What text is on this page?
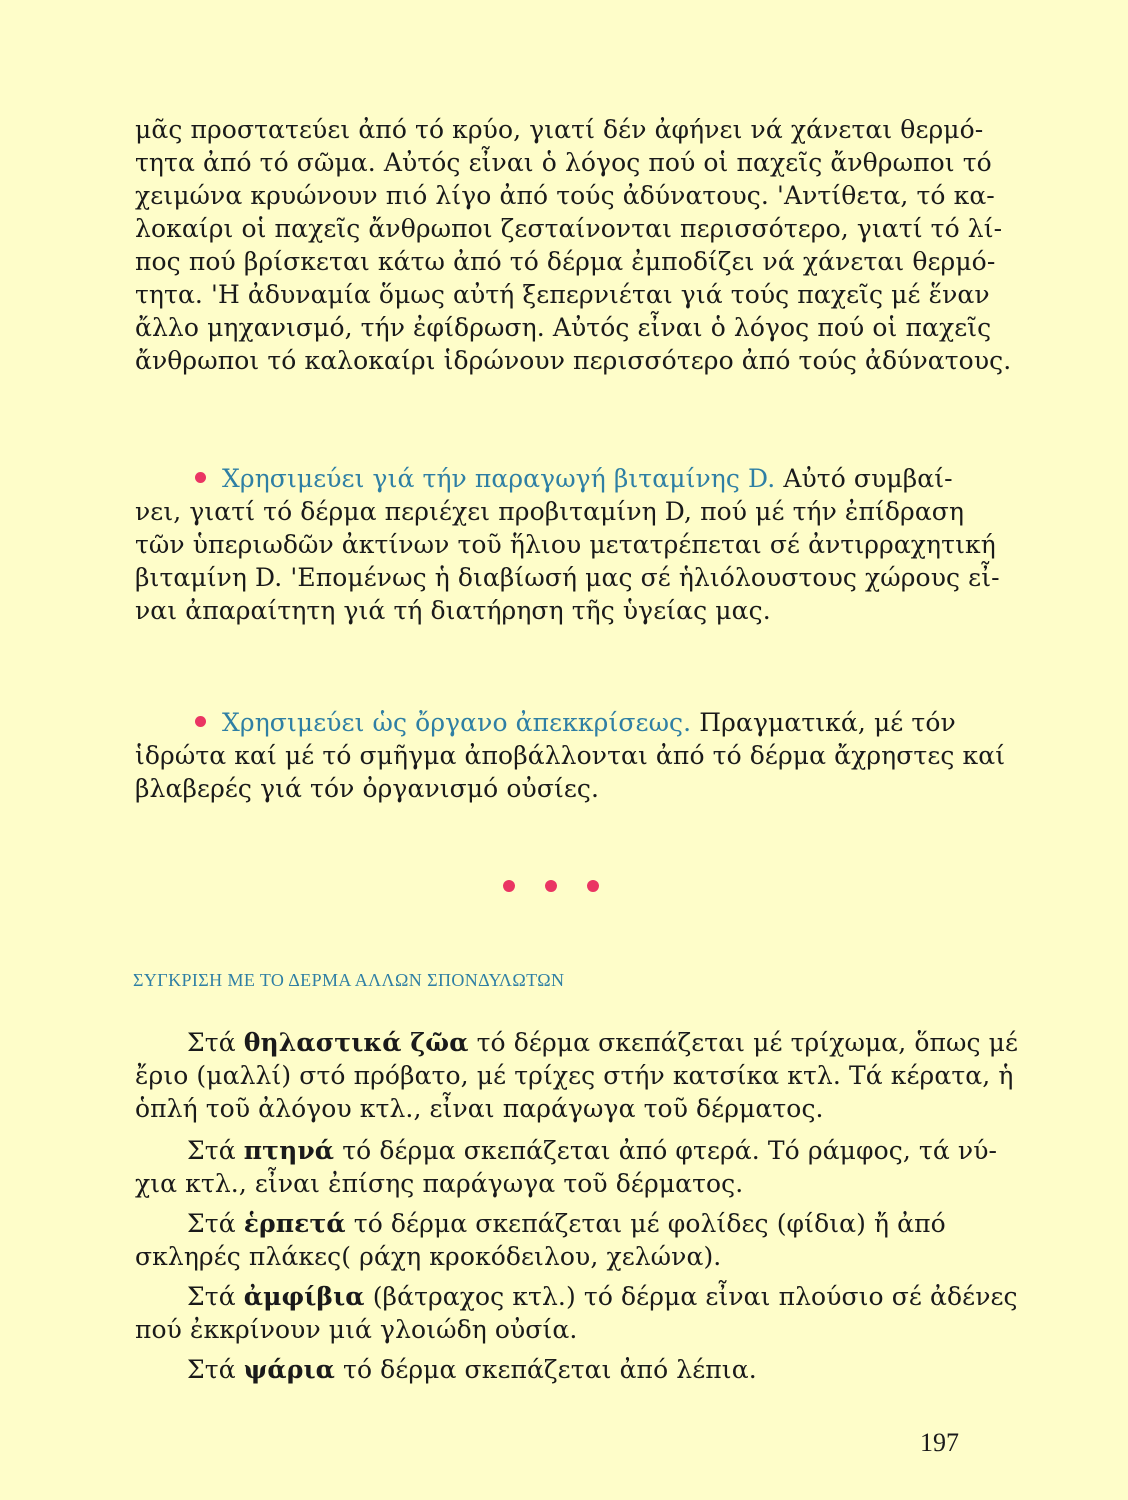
μᾶς προστατεύει ἀπό τό κρύο, γιατί δέν ἀφήνει νά χάνεται θερμό-
τητα ἀπό τό σῶμα. Αὐτός εἶναι ὁ λόγος πού οἱ παχεῖς ἄνθρωποι τό
χειμώνα κρυώνουν πιό λίγο ἀπό τούς ἀδύνατους. 'Αντίθετα, τό κα-
λοκαίρι οἱ παχεῖς ἄνθρωποι ζεσταίνονται περισσότερο, γιατί τό λί-
πος πού βρίσκεται κάτω ἀπό τό δέρμα ἐμποδίζει νά χάνεται θερμό-
τητα. 'Η ἀδυναμία ὅμως αὐτή ξεπερνιέται γιά τούς παχεῖς μέ ἕναν
ἄλλο μηχανισμό, τήν ἐφίδρωση. Αὐτός εἶναι ὁ λόγος πού οἱ παχεῖς
ἄνθρωποι τό καλοκαίρι ἱδρώνουν περισσότερο ἀπό τούς ἀδύνατους.
Χρησιμεύει γιά τήν παραγωγή βιταμίνης D. Αὐτό συμβαί-
νει, γιατί τό δέρμα περιέχει προβιταμίνη D, πού μέ τήν ἐπίδραση
τῶν ὑπεριωδῶν ἀκτίνων τοῦ ἥλιου μετατρέπεται σέ ἀντιρραχητική
βιταμίνη D. 'Επομένως ἡ διαβίωσή μας σέ ἡλιόλουστους χώρους εἶ-
ναι ἀπαραίτητη γιά τή διατήρηση τῆς ὑγείας μας.
Χρησιμεύει ὡς ὄργανο ἀπεκκρίσεως. Πραγματικά, μέ τόν
ἱδρώτα καί μέ τό σμῆγμα ἀποβάλλονται ἀπό τό δέρμα ἄχρηστες καί
βλαβερές γιά τόν ὀργανισμό οὐσίες.
ΣΥΓΚΡΙΣΗ ΜΕ ΤΟ ΔΕΡΜΑ ΑΛΛΩΝ ΣΠΟΝΔΥΛΩΤΩΝ
Στά θηλαστικά ζῶα τό δέρμα σκεπάζεται μέ τρίχωμα, ὅπως μέ
ἔριο (μαλλί) στό πρόβατο, μέ τρίχες στήν κατσίκα κτλ. Τά κέρατα, ἡ
ὁπλή τοῦ ἀλόγου κτλ., εἶναι παράγωγα τοῦ δέρματος.
Στά πτηνά τό δέρμα σκεπάζεται ἀπό φτερά. Τό ράμφος, τά νύ-
χια κτλ., εἶναι ἐπίσης παράγωγα τοῦ δέρματος.
Στά ἑρπετά τό δέρμα σκεπάζεται μέ φολίδες (φίδια) ἤ ἀπό
σκληρές πλάκες( ράχη κροκόδειλου, χελώνα).
Στά ἀμφίβια (βάτραχος κτλ.) τό δέρμα εἶναι πλούσιο σέ ἀδένες
πού ἐκκρίνουν μιά γλοιώδη οὐσία.
Στά ψάρια τό δέρμα σκεπάζεται ἀπό λέπια.
197
